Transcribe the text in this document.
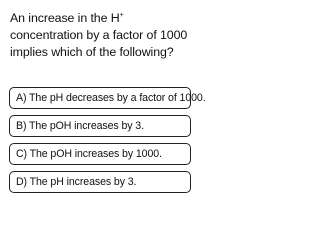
An increase in the H+ concentration by a factor of 1000 implies which of the following?
A) The pH decreases by a factor of 1000.
B) The pOH increases by 3.
C) The pOH increases by 1000.
D) The pH increases by 3.
